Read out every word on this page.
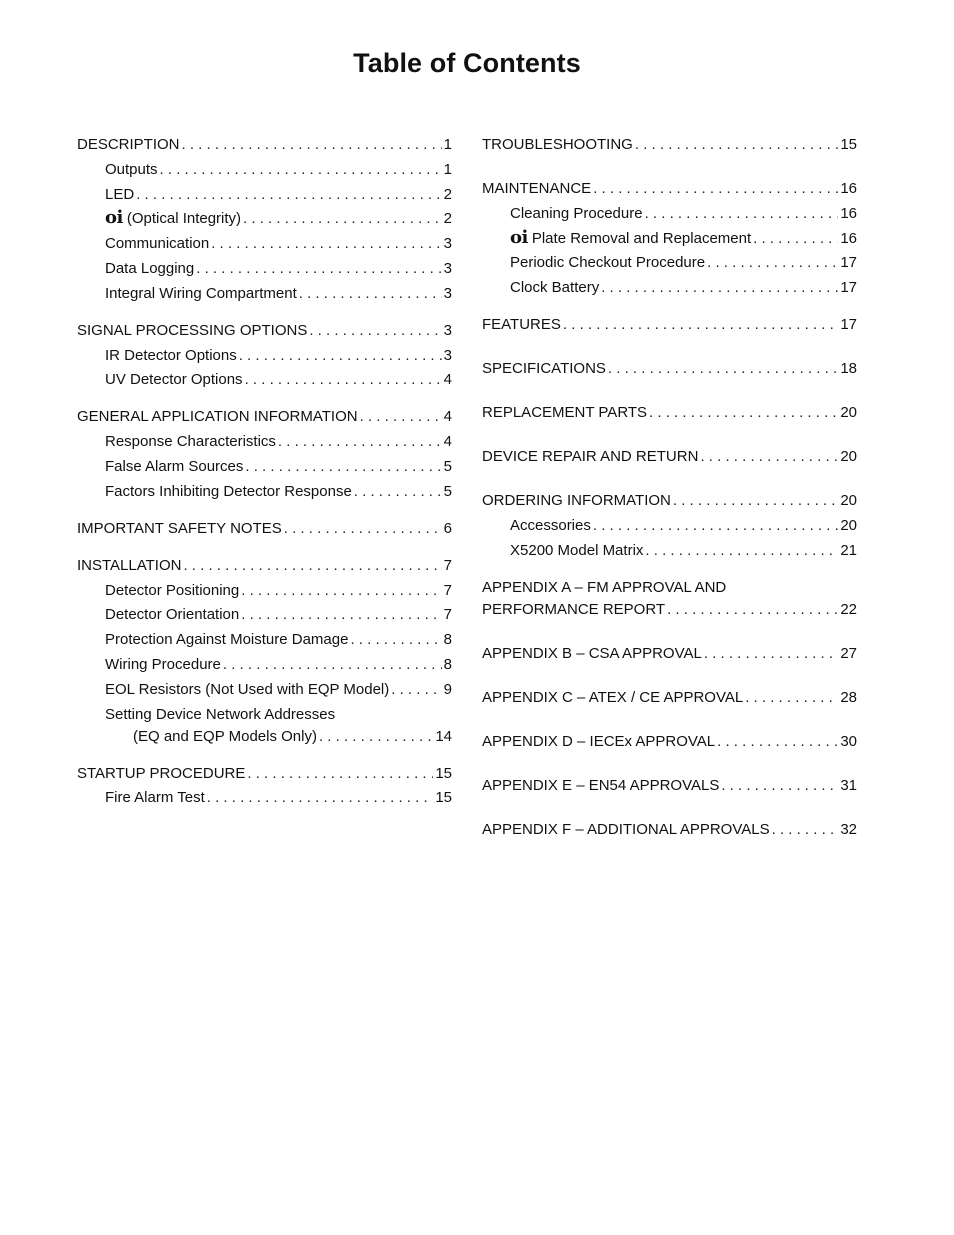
Table of Contents
DESCRIPTION . . .	1
Outputs . . .	1
LED . . .	2
oi (Optical Integrity) . . .	2
Communication . . .	3
Data Logging . . .	3
Integral Wiring Compartment . . .	3
SIGNAL PROCESSING OPTIONS . . .	3
IR Detector Options . . .	3
UV Detector Options . . .	4
GENERAL APPLICATION INFORMATION . . .	4
Response Characteristics . . .	4
False Alarm Sources . . .	5
Factors Inhibiting Detector Response . . .	5
IMPORTANT SAFETY NOTES . . .	6
INSTALLATION . . .	7
Detector Positioning . . .	7
Detector Orientation . . .	7
Protection Against Moisture Damage . . .	8
Wiring Procedure . . .	8
EOL Resistors (Not Used with EQP Model) . . .	9
Setting Device Network Addresses
(EQ and EQP Models Only) . . .	14
STARTUP PROCEDURE . . .	15
Fire Alarm Test . . .	15
TROUBLESHOOTING . . .	15
MAINTENANCE . . .	16
Cleaning Procedure . . .	16
oi Plate Removal and Replacement . . .	16
Periodic Checkout Procedure . . .	17
Clock Battery . . .	17
FEATURES . . .	17
SPECIFICATIONS . . .	18
REPLACEMENT PARTS . . .	20
DEVICE REPAIR AND RETURN . . .	20
ORDERING INFORMATION . . .	20
Accessories . . .	20
X5200 Model Matrix . . .	21
APPENDIX A – FM APPROVAL AND
PERFORMANCE REPORT . . .	22
APPENDIX B – CSA APPROVAL . . .	27
APPENDIX C – ATEX / CE APPROVAL . . .	28
APPENDIX D – IECEx APPROVAL . . .	30
APPENDIX E – EN54 APPROVALS . . .	31
APPENDIX F – ADDITIONAL APPROVALS . . .	32
